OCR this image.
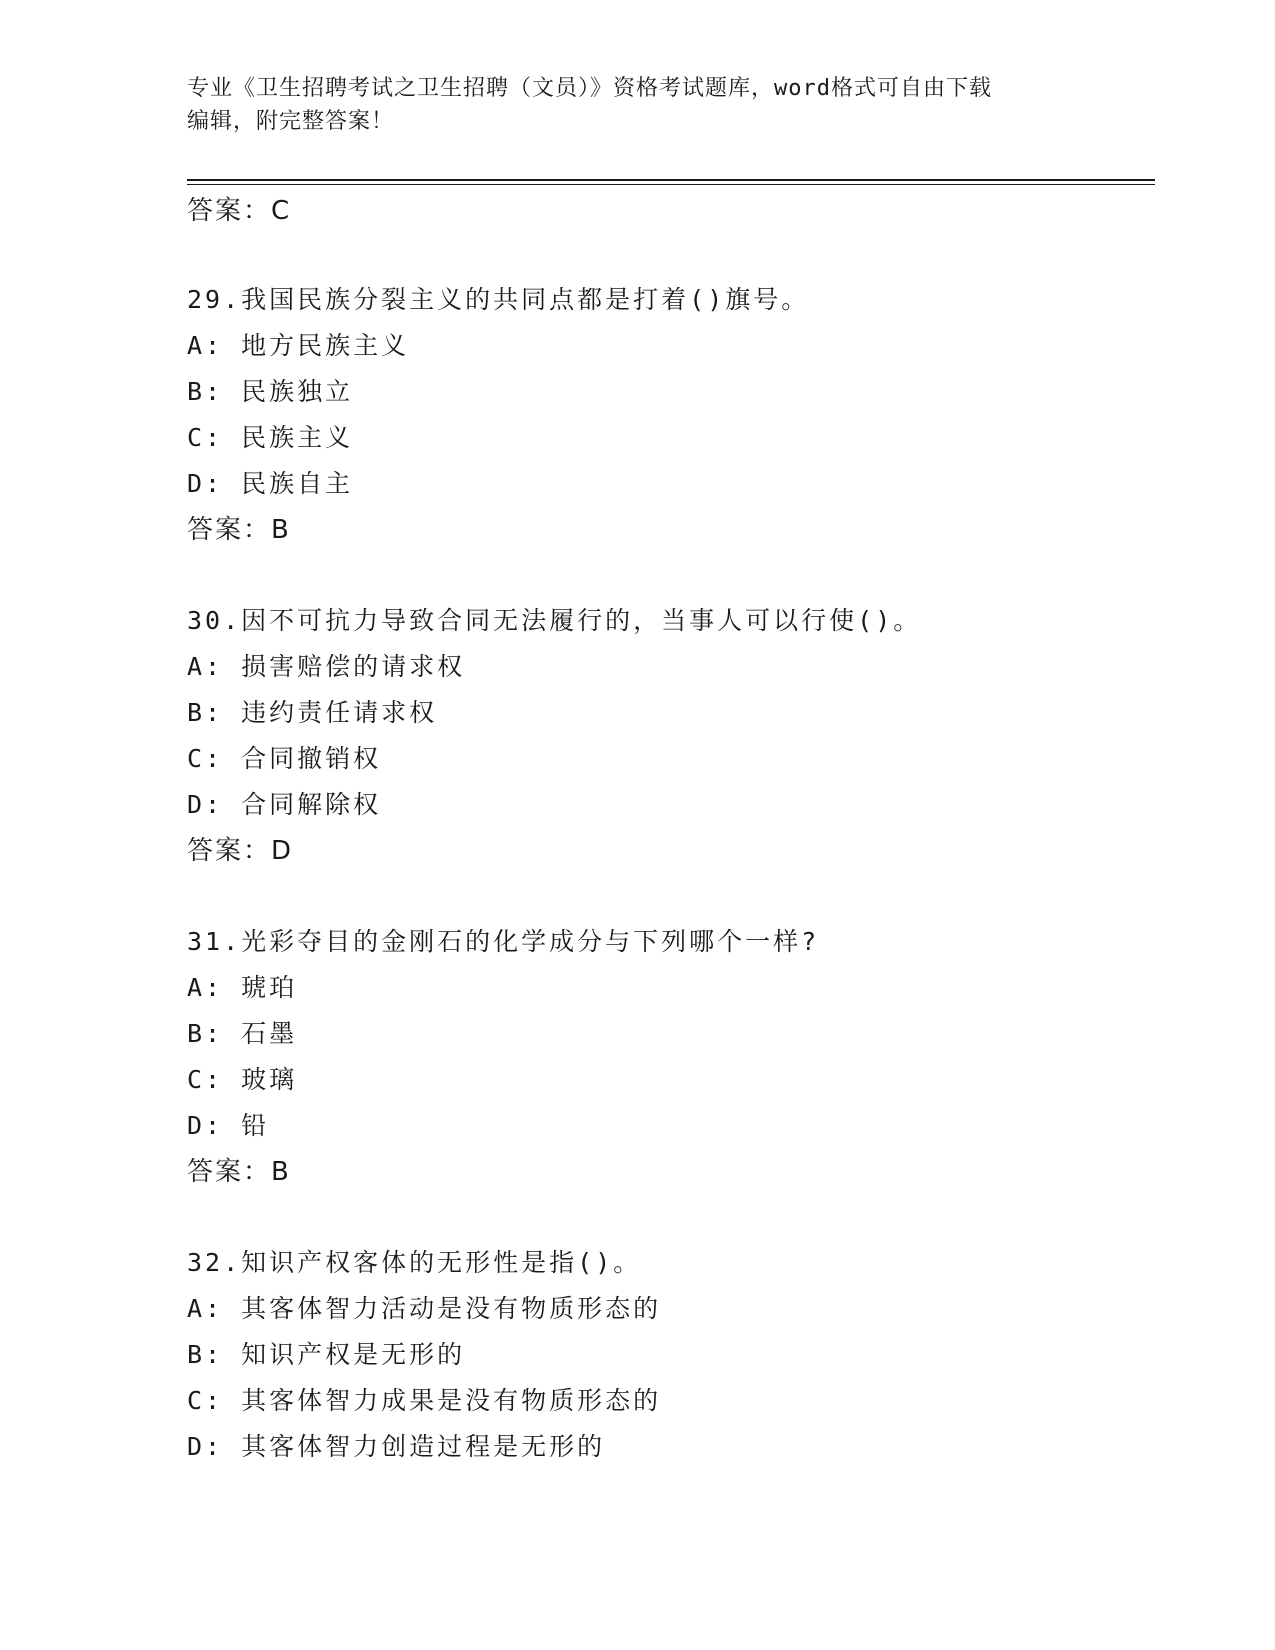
专业《卫生招聘考试之卫生招聘（文员）》资格考试题库，word格式可自由下载
编辑，附完整答案！
答案：C
29.我国民族分裂主义的共同点都是打着()旗号。
A: 地方民族主义
B: 民族独立
C: 民族主义
D: 民族自主
答案：B
30.因不可抗力导致合同无法履行的，当事人可以行使()。
A: 损害赔偿的请求权
B: 违约责任请求权
C: 合同撤销权
D: 合同解除权
答案：D
31.光彩夺目的金刚石的化学成分与下列哪个一样?
A: 琥珀
B: 石墨
C: 玻璃
D: 铅
答案：B
32.知识产权客体的无形性是指()。
A: 其客体智力活动是没有物质形态的
B: 知识产权是无形的
C: 其客体智力成果是没有物质形态的
D: 其客体智力创造过程是无形的
